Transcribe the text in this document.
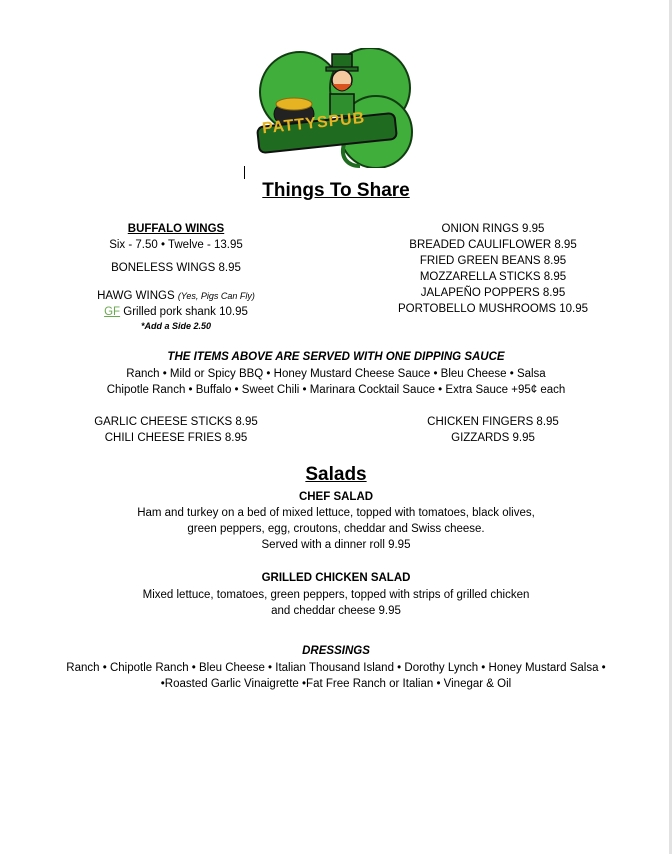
PATTYSPUB
Things To Share
BUFFALO WINGS
Six - 7.50 • Twelve - 13.95
BONELESS WINGS 8.95
HAWG WINGS (Yes, Pigs Can Fly)
GF Grilled pork shank 10.95
*Add a Side 2.50
ONION RINGS 9.95
BREADED CAULIFLOWER 8.95
FRIED GREEN BEANS 8.95
MOZZARELLA STICKS 8.95
JALAPEÑO POPPERS 8.95
PORTOBELLO MUSHROOMS 10.95
THE ITEMS ABOVE ARE SERVED WITH ONE DIPPING SAUCE
Ranch • Mild or Spicy BBQ • Honey Mustard Cheese Sauce • Bleu Cheese • Salsa
Chipotle Ranch • Buffalo • Sweet Chili • Marinara Cocktail Sauce • Extra Sauce +95¢ each
GARLIC CHEESE STICKS 8.95
CHILI CHEESE FRIES 8.95
CHICKEN FINGERS 8.95
GIZZARDS 9.95
Salads
CHEF SALAD
Ham and turkey on a bed of mixed lettuce, topped with tomatoes, black olives,
green peppers, egg, croutons, cheddar and Swiss cheese.
Served with a dinner roll 9.95
GRILLED CHICKEN SALAD
Mixed lettuce, tomatoes, green peppers, topped with strips of grilled chicken
and cheddar cheese 9.95
DRESSINGS
Ranch • Chipotle Ranch • Bleu Cheese • Italian Thousand Island • Dorothy Lynch • Honey Mustard Salsa •
•Roasted Garlic Vinaigrette •Fat Free Ranch or Italian • Vinegar & Oil
